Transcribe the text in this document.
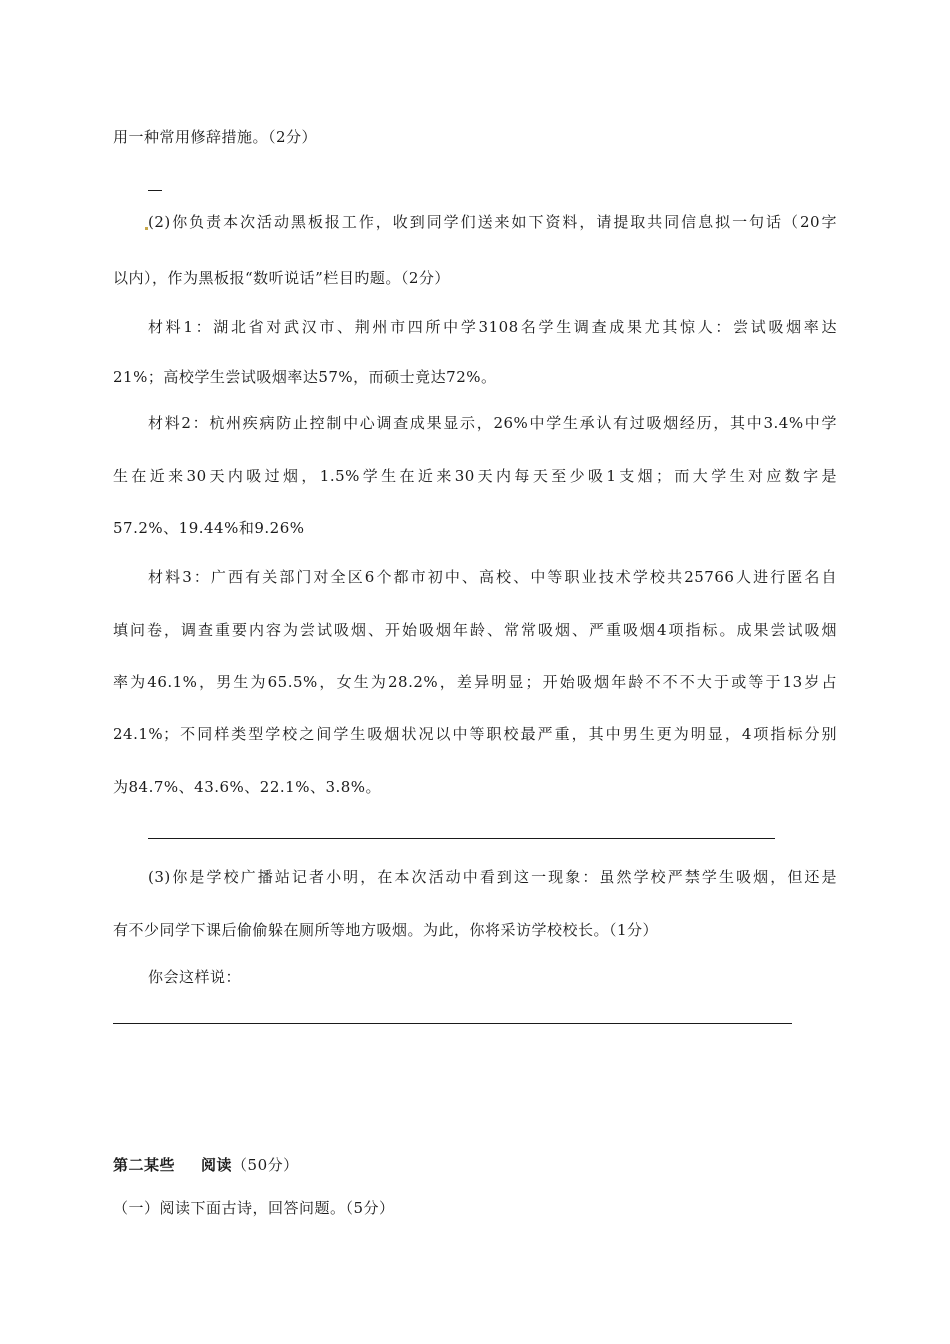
用一种常用修辞措施。（2分）
(2)你负责本次活动黑板报工作，收到同学们送来如下资料，请提取共同信息拟一句话（20字
以内），作为黑板报“数听说话”栏目旳题。（2分）
材料1：湖北省对武汉市、荆州市四所中学3108名学生调查成果尤其惊人：尝试吸烟率达
21%；高校学生尝试吸烟率达57%，而硕士竟达72%。
材料2：杭州疾病防止控制中心调查成果显示，26%中学生承认有过吸烟经历，其中3.4%中学
生在近来30天内吸过烟，1.5%学生在近来30天内每天至少吸1支烟；而大学生对应数字是
57.2%、19.44%和9.26%
材料3：广西有关部门对全区6个都市初中、高校、中等职业技术学校共25766人进行匿名自
填问卷，调查重要内容为尝试吸烟、开始吸烟年龄、常常吸烟、严重吸烟4项指标。成果尝试吸烟
率为46.1%，男生为65.5%，女生为28.2%，差异明显；开始吸烟年龄不不不大于或等于13岁占
24.1%；不同样类型学校之间学生吸烟状况以中等职校最严重，其中男生更为明显，4项指标分别
为84.7%、43.6%、22.1%、3.8%。
(3)你是学校广播站记者小明，在本次活动中看到这一现象：虽然学校严禁学生吸烟，但还是
有不少同学下课后偷偷躲在厕所等地方吸烟。为此，你将采访学校校长。（1分）
你会这样说：
第二某些 阅读（50分）
（一）阅读下面古诗，回答问题。（5分）
